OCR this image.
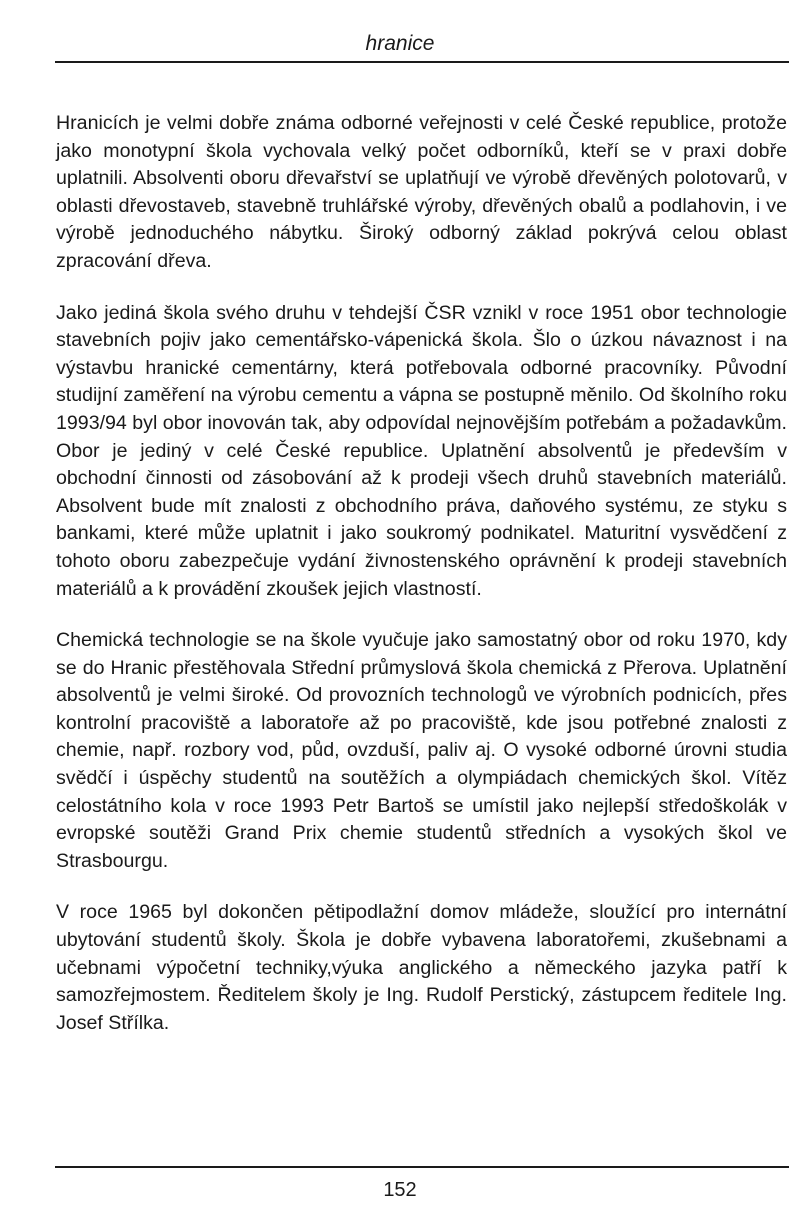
hranice

Hranicích je velmi dobře známa odborné veřejnosti v celé České republice, protože jako monotypní škola vychovala velký počet odborníků, kteří se v praxi dobře uplatnili. Absolventi oboru dřevařství se uplatňují ve výrobě dřevěných polotovarů, v oblasti dřevostaveb, stavebně truhlářské výroby, dřevěných obalů a podlahovin, i ve výrobě jednoduchého nábytku. Široký odborný základ pokrývá celou oblast zpracování dřeva.

Jako jediná škola svého druhu v tehdejší ČSR vznikl v roce 1951 obor technologie stavebních pojiv jako cementářsko-vápenická škola. Šlo o úzkou návaznost i na výstavbu hranické cementárny, která potřebovala odborné pracovníky. Původní studijní zaměření na výrobu cementu a vápna se postupně měnilo. Od školního roku 1993/94 byl obor inovován tak, aby odpovídal nejnovějším potřebám a požadavkům. Obor je jediný v celé České republice. Uplatnění absolventů je především v obchodní činnosti od zásobování až k prodeji všech druhů stavebních materiálů. Absolvent bude mít znalosti z obchodního práva, daňového systému, ze styku s bankami, které může uplatnit i jako soukromý podnikatel. Maturitní vysvědčení z tohoto oboru zabezpečuje vydání živnostenského oprávnění k prodeji stavebních materiálů a k provádění zkoušek jejich vlastností.

Chemická technologie se na škole vyučuje jako samostatný obor od roku 1970, kdy se do Hranic přestěhovala Střední průmyslová škola chemická z Přerova. Uplatnění absolventů je velmi široké. Od provozních technologů ve výrobních podnicích, přes kontrolní pracoviště a laboratoře až po pracoviště, kde jsou potřebné znalosti z chemie, např. rozbory vod, půd, ovzduší, paliv aj. O vysoké odborné úrovni studia svědčí i úspěchy studentů na soutěžích a olympiádach chemických škol. Vítěz celostátního kola v roce 1993 Petr Bartoš se umístil jako nejlepší středoškolák v evropské soutěži Grand Prix chemie studentů středních a vysokých škol ve Strasbourgu.

V roce 1965 byl dokončen pětipodlažní domov mládeže, sloužící pro internátní ubytování studentů školy. Škola je dobře vybavena laboratořemi, zkušebnami a učebnami výpočetní techniky,výuka anglického a německého jazyka patří k samozřejmostem. Ředitelem školy je Ing. Rudolf Perstický, zástupcem ředitele Ing. Josef Střílka.

152
